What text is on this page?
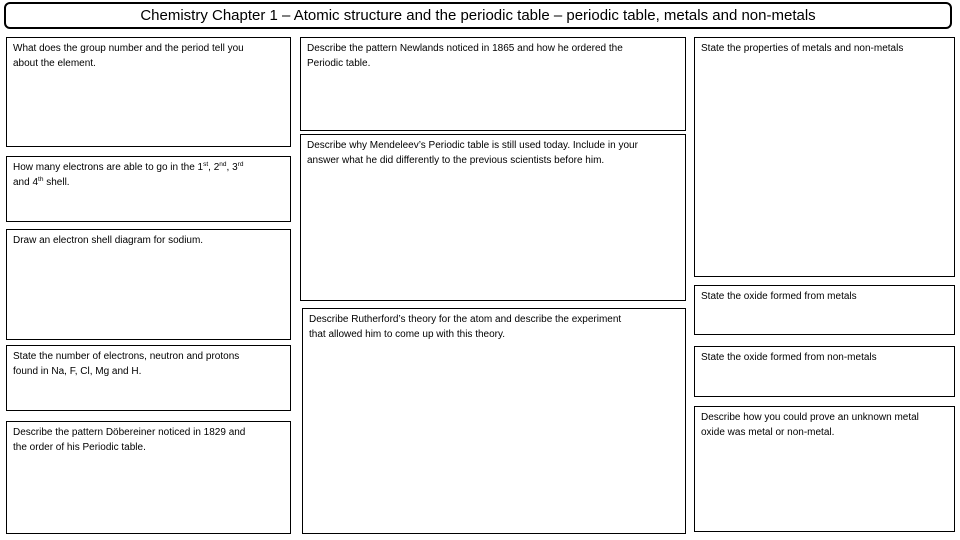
Chemistry Chapter 1 – Atomic structure and the periodic table – periodic table, metals and non-metals
What does the group number and the period tell you
about the element.
How many electrons are able to go in the 1st, 2nd, 3rd
and 4th shell.
Draw an electron shell diagram for sodium.
State the number of electrons, neutron and protons
found in Na, F, Cl, Mg and H.
Describe the pattern Döbereiner noticed in 1829 and
the order of his Periodic table.
Describe the pattern Newlands noticed in 1865 and how he ordered the
Periodic table.
Describe why Mendeleev’s Periodic table is still used today. Include in your
answer what he did differently to the previous scientists before him.
Describe Rutherford’s theory for the atom and describe the experiment
that allowed him to come up with this theory.
State the properties of metals and non-metals
State the oxide formed from metals
State the oxide formed from non-metals
Describe how you could prove an unknown metal
oxide was metal or non-metal.
